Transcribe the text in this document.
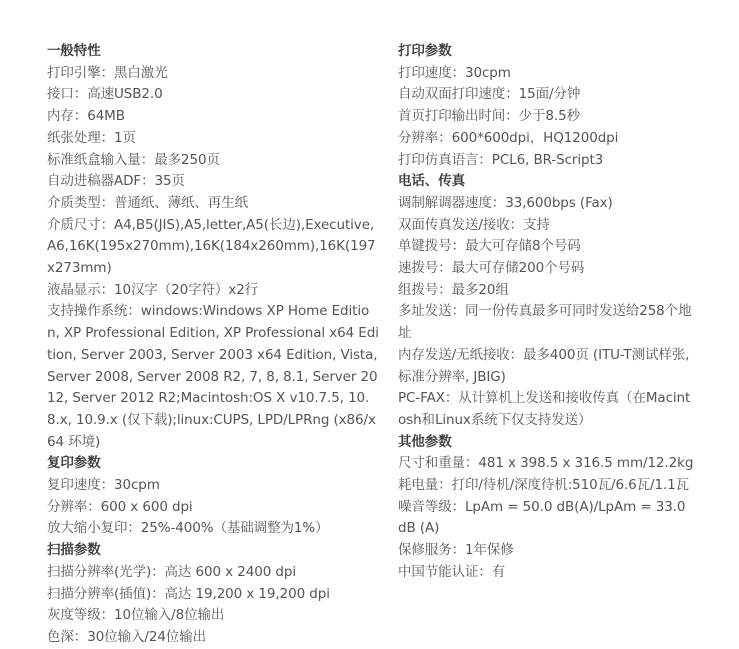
一般特性
打印引擎：黑白激光
接口：高速USB2.0
内存：64MB
纸张处理：1页
标准纸盒输入量：最多250页
自动进稿器ADF：35页
介质类型：普通纸、薄纸、再生纸
介质尺寸：A4,B5(JIS),A5,letter,A5(长边),Executive,A6,16K(195x270mm),16K(184x260mm),16K(197x273mm)
液晶显示：10汉字（20字符）x2行
支持操作系统：windows:Windows XP Home Edition, XP Professional Edition, XP Professional x64 Edition, Server 2003, Server 2003 x64 Edition, Vista, Server 2008, Server 2008 R2, 7, 8, 8.1, Server 2012, Server 2012 R2;Macintosh:OS X v10.7.5, 10.8.x, 10.9.x (仅下载);linux:CUPS, LPD/LPRng (x86/x64 环境)
复印参数
复印速度：30cpm
分辨率：600 x 600 dpi
放大缩小复印：25%-400%（基础调整为1%）
扫描参数
扫描分辨率(光学)：高达 600 x 2400 dpi
扫描分辨率(插值)：高达 19,200 x 19,200 dpi
灰度等级：10位输入/8位输出
色深：30位输入/24位输出
打印参数
打印速度：30cpm
自动双面打印速度：15面/分钟
首页打印输出时间：少于8.5秒
分辨率：600*600dpi，HQ1200dpi
打印仿真语言：PCL6, BR-Script3
电话、传真
调制解调器速度：33,600bps (Fax)
双面传真发送/接收：支持
单键拨号：最大可存储8个号码
速拨号：最大可存储200个号码
组拨号：最多20组
多址发送：同一份传真最多可同时发送给258个地址
内存发送/无纸接收：最多400页 (ITU-T测试样张,标准分辨率, JBIG)
PC-FAX：从计算机上发送和接收传真（在Macintosh和Linux系统下仅支持发送）
其他参数
尺寸和重量：481 x 398.5 x 316.5 mm/12.2kg
耗电量：打印/待机/深度待机:510瓦/6.6瓦/1.1瓦
噪音等级：LpAm = 50.0 dB(A)/LpAm = 33.0 dB (A)
保修服务：1年保修
中国节能认证：有
